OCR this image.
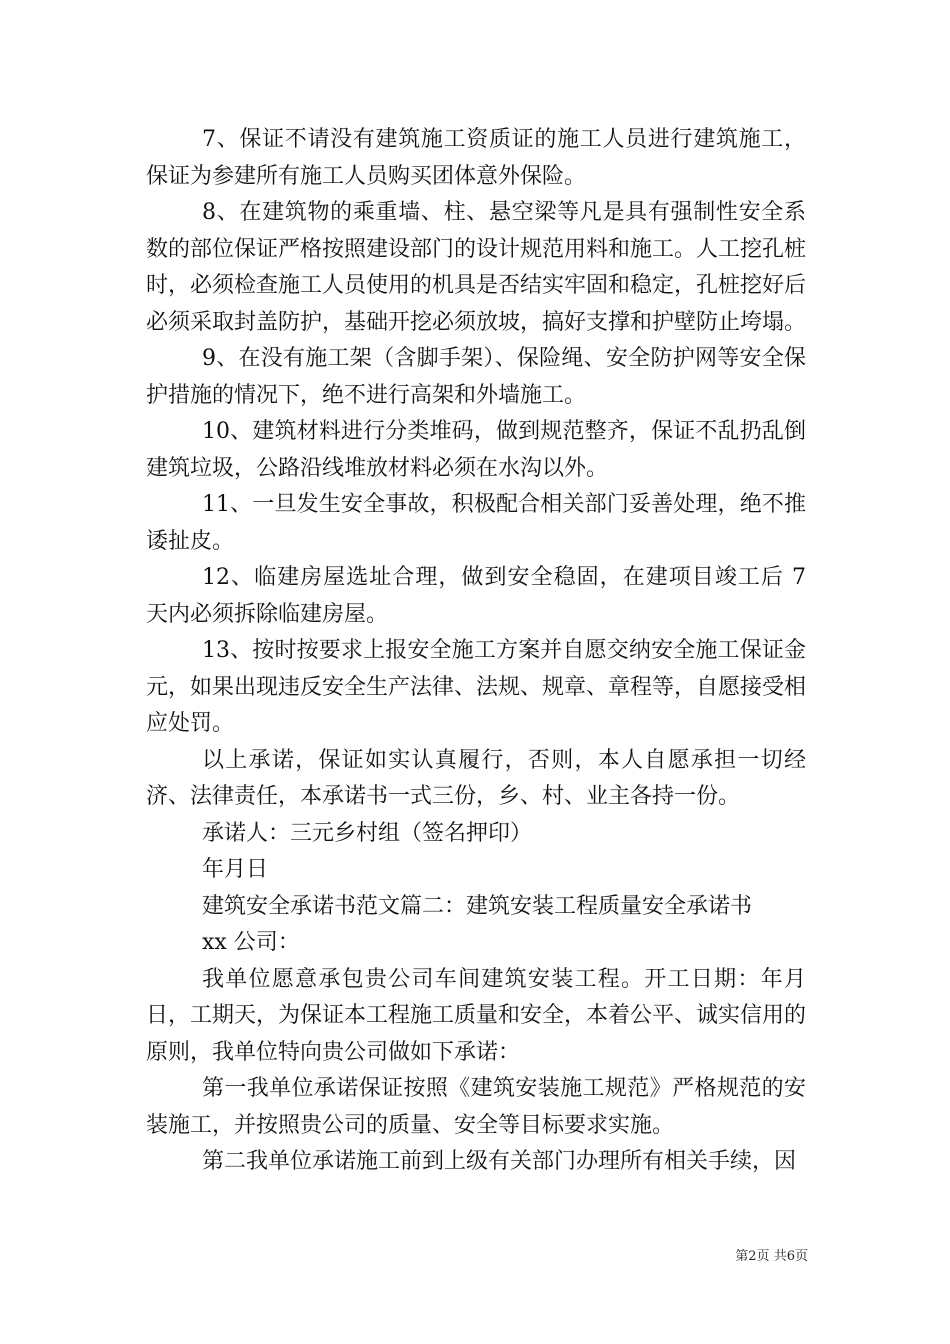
7、保证不请没有建筑施工资质证的施工人员进行建筑施工，保证为参建所有施工人员购买团体意外保险。

8、在建筑物的乘重墙、柱、悬空梁等凡是具有强制性安全系数的部位保证严格按照建设部门的设计规范用料和施工。人工挖孔桩时，必须检查施工人员使用的机具是否结实牢固和稳定，孔桩挖好后必须采取封盖防护，基础开挖必须放坡，搞好支撑和护壁防止垮塌。

9、在没有施工架（含脚手架）、保险绳、安全防护网等安全保护措施的情况下，绝不进行高架和外墙施工。

10、建筑材料进行分类堆码，做到规范整齐，保证不乱扔乱倒建筑垃圾，公路沿线堆放材料必须在水沟以外。

11、一旦发生安全事故，积极配合相关部门妥善处理，绝不推诿扯皮。

12、临建房屋选址合理，做到安全稳固，在建项目竣工后 7 天内必须拆除临建房屋。

13、按时按要求上报安全施工方案并自愿交纳安全施工保证金元，如果出现违反安全生产法律、法规、规章、章程等，自愿接受相应处罚。

以上承诺，保证如实认真履行，否则，本人自愿承担一切经济、法律责任，本承诺书一式三份，乡、村、业主各持一份。

承诺人：三元乡村组（签名押印）

年月日

建筑安全承诺书范文篇二：建筑安装工程质量安全承诺书

xx 公司：

我单位愿意承包贵公司车间建筑安装工程。开工日期：年月日，工期天，为保证本工程施工质量和安全，本着公平、诚实信用的原则，我单位特向贵公司做如下承诺：

第一我单位承诺保证按照《建筑安装施工规范》严格规范的安装施工，并按照贵公司的质量、安全等目标要求实施。

第二我单位承诺施工前到上级有关部门办理所有相关手续，因

第2页 共6页
